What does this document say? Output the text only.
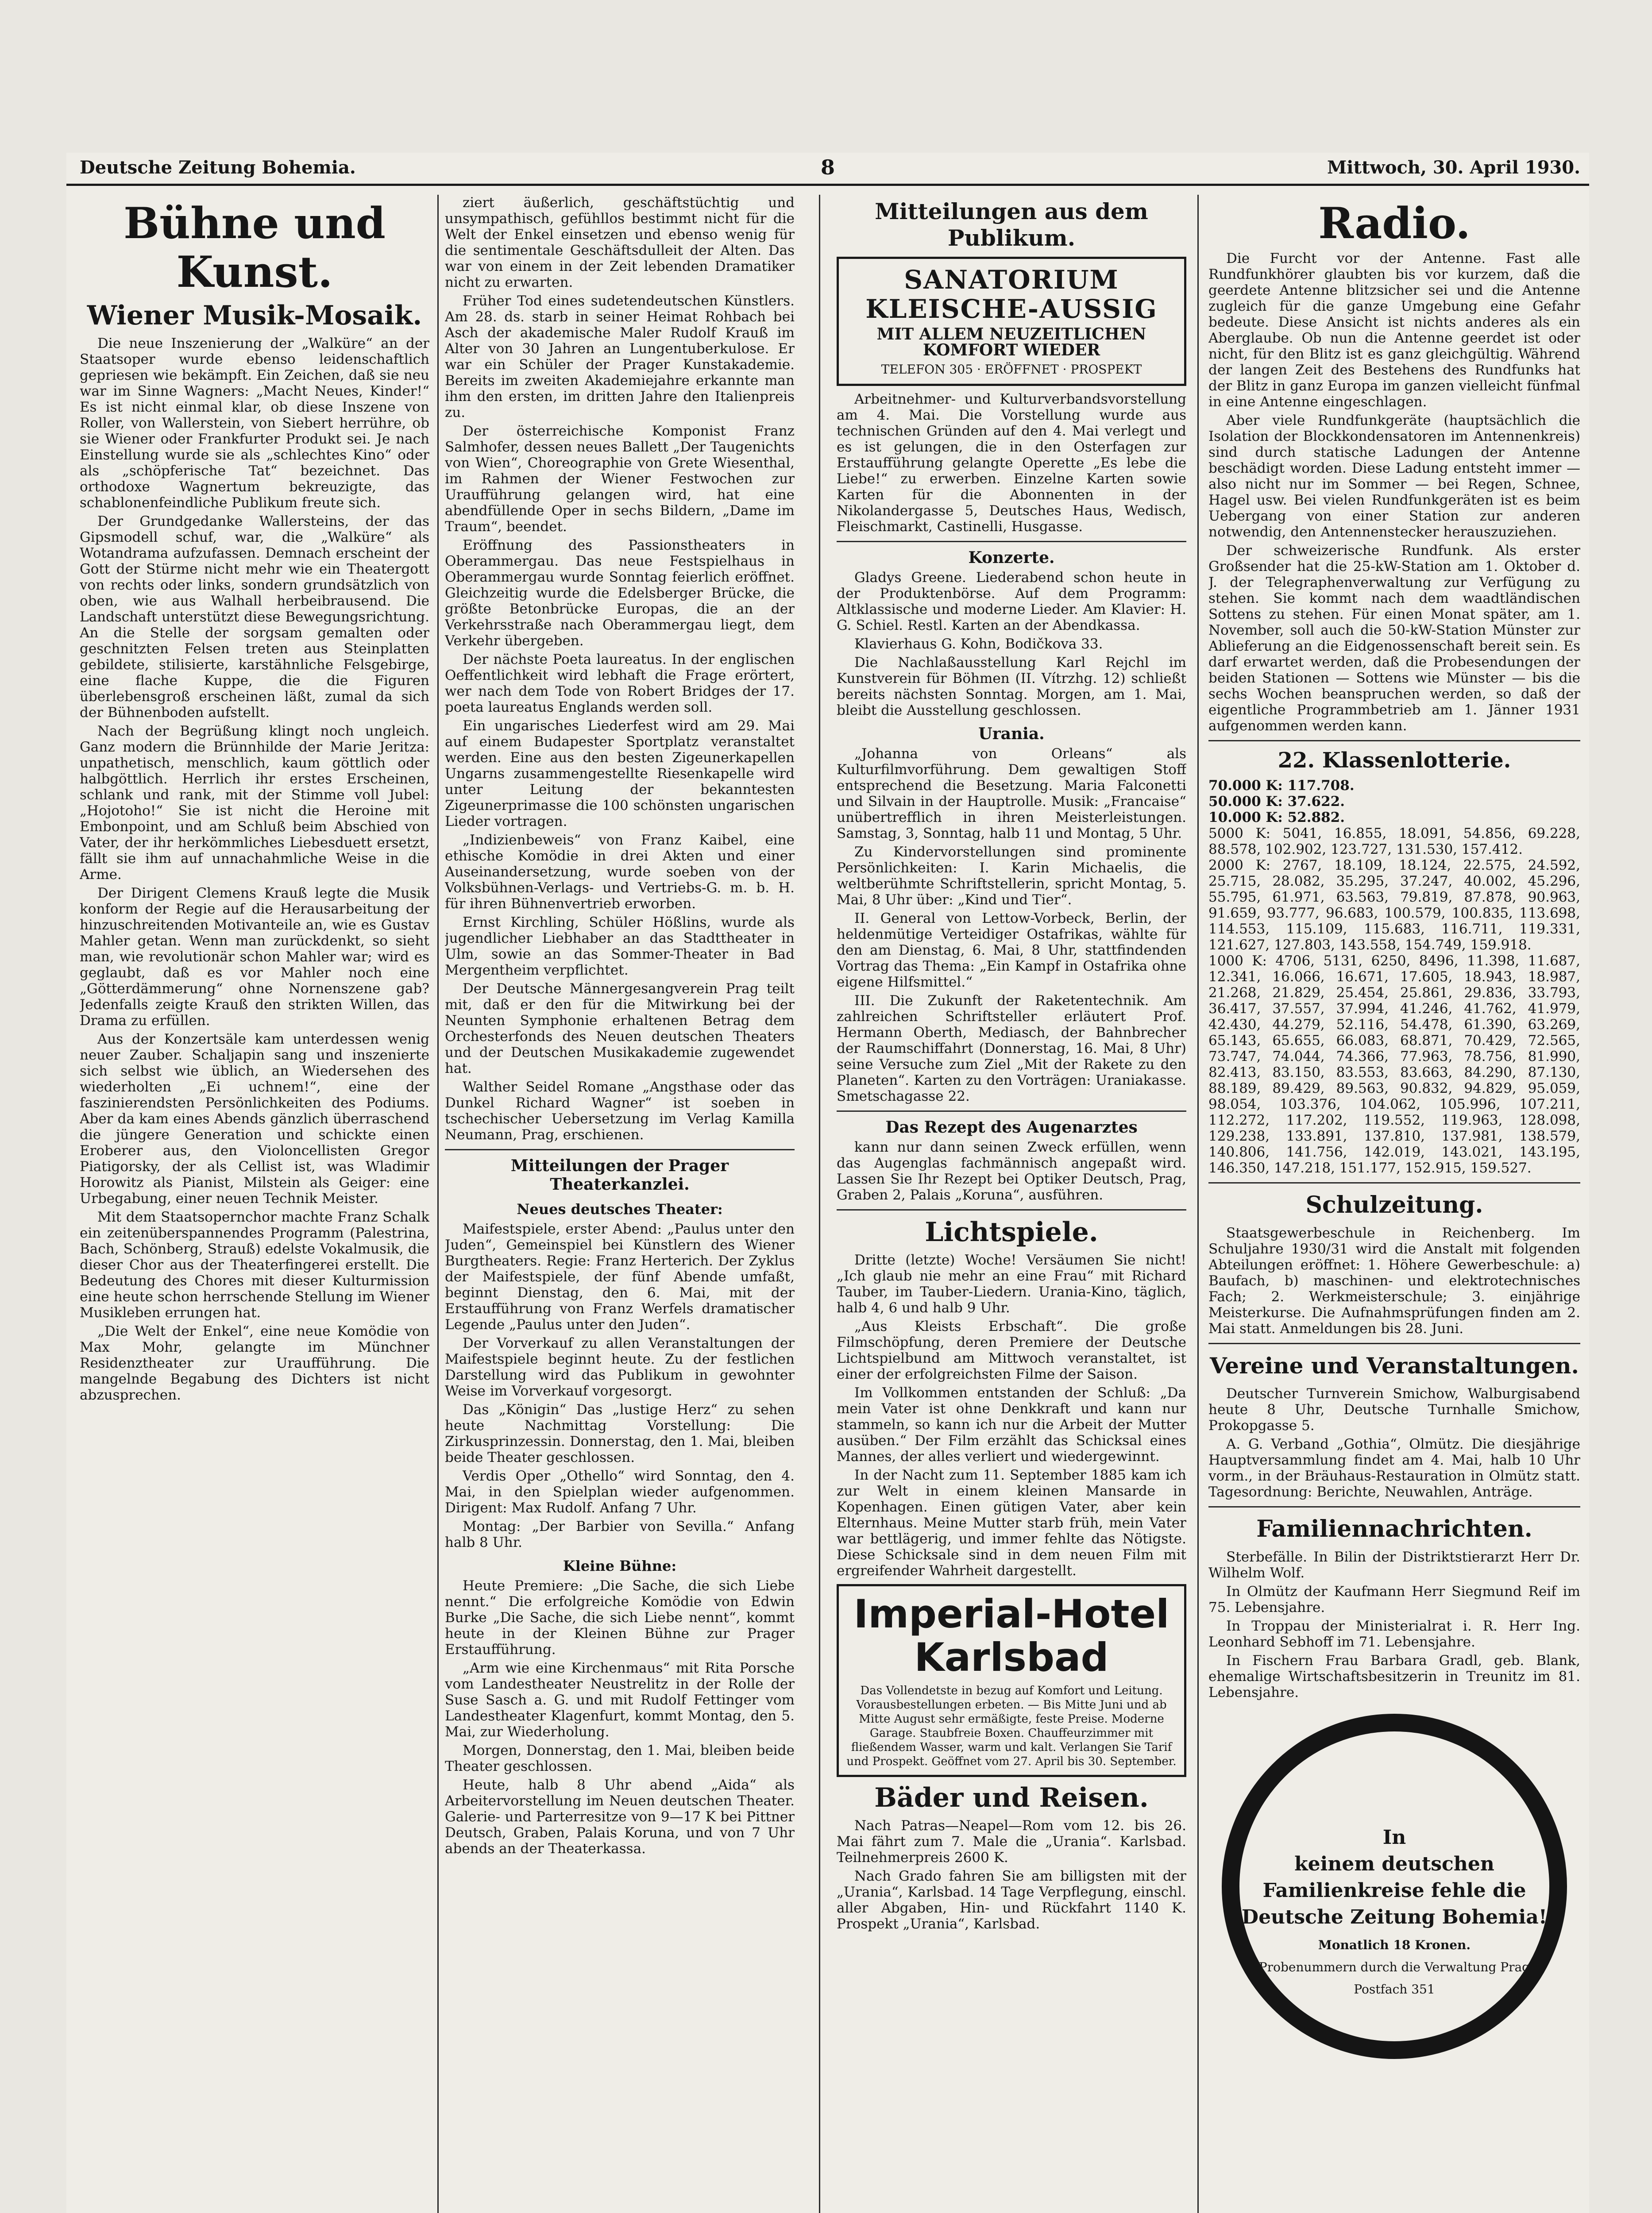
Deutsche Zeitung Bohemia.	8	Mittwoch, 30. April 1930.
Bühne und Kunst.
Wiener Musik-Mosaik.

Die neue Inszenierung der „Walküre“ an der Staatsoper wurde ebenso leidenschaftlich gepriesen wie bekämpft. Ein Zeichen, daß sie neu war im Sinne Wagners: „Macht Neues, Kinder!“ Es ist nicht einmal klar, ob diese Inszene von Roller, von Wallerstein, von Siebert herrühre, ob sie Wiener oder Frankfurter Produkt sei. Je nach Einstellung wurde sie als „schlechtes Kino“ oder als „schöpferische Tat“ bezeichnet. Das orthodoxe Wagnertum bekreuzigte, das schablonenfeindliche Publikum freute sich.

Der Grundgedanke Wallersteins, der das Gipsmodell schuf, war, die „Walküre“ als Wotandrama aufzufassen. Demnach erscheint der Gott der Stürme nicht mehr wie ein Theatergott von rechts oder links, sondern grundsätzlich von oben, wie aus Walhall herbeibrausend. Die Landschaft unterstützt diese Bewegungsrichtung. An die Stelle der sorgsam gemalten oder geschnitzten Felsen treten aus Steinplatten gebildete, stilisierte, karstähnliche Felsgebirge, eine flache Kuppe, die die Figuren überlebensgroß erscheinen läßt, zumal da sich der Bühnenboden aufstellt.

Nach der Begrüßung klingt noch ungleich. Ganz modern die Brünnhilde der Marie Jeritza: unpathetisch, menschlich, kaum göttlich oder halbgöttlich. Herrlich ihr erstes Erscheinen, schlank und rank, mit der Stimme voll Jubel: „Hojotoho!“ Sie ist nicht die Heroine mit Embonpoint, und am Schluß beim Abschied von Vater, der ihr herkömmliches Liebesduett ersetzt, fällt sie ihm auf unnachahmliche Weise in die Arme.

Der Dirigent Clemens Krauß legte die Musik konform der Regie auf die Herausarbeitung der hinzuschreitenden Motivanteile an, wie es Gustav Mahler getan. Wenn man zurückdenkt, so sieht man, wie revolutionär schon Mahler war; wird es geglaubt, daß es vor Mahler noch eine „Götterdämmerung“ ohne Nornenszene gab? Jedenfalls zeigte Krauß den strikten Willen, das Drama zu erfüllen.

Aus der Konzertsäle kam unterdessen wenig neuer Zauber. Schaljapin sang und inszenierte sich selbst wie üblich, an Wiedersehen des wiederholten „Ei uchnem!“, eine der faszinierendsten Persönlichkeiten des Podiums. Aber da kam eines Abends gänzlich überraschend die jüngere Generation und schickte einen Eroberer aus, den Violoncellisten Gregor Piatigorsky, der als Cellist ist, was Wladimir Horowitz als Pianist, Milstein als Geiger: eine Urbegabung, einer neuen Technik Meister.

Mit dem Staatsopernchor machte Franz Schalk ein zeitenüberspannendes Programm (Palestrina, Bach, Schönberg, Strauß) edelste Vokalmusik, die dieser Chor aus der Theaterfingerei erstellt. Die Bedeutung des Chores mit dieser Kulturmission eine heute schon herrschende Stellung im Wiener Musikleben errungen hat.

„Die Welt der Enkel“, eine neue Komödie von Max Mohr, gelangte im Münchner Residenztheater zur Uraufführung. Die mangelnde Begabung des Dichters ist nicht abzusprechen.

ziert äußerlich, geschäftstüchtig und unsympathisch, gefühllos bestimmt nicht für die Welt der Enkel einsetzen und ebenso wenig für die sentimentale Geschäftsdulleit der Alten. Das war von einem in der Zeit lebenden Dramatiker nicht zu erwarten.

Früher Tod eines sudetendeutschen Künstlers. Am 28. ds. starb in seiner Heimat Rohbach bei Asch der akademische Maler Rudolf Krauß im Alter von 30 Jahren an Lungentuberkulose. Er war ein Schüler der Prager Kunstakademie. Bereits im zweiten Akademiejahre erkannte man ihm den ersten, im dritten Jahre den Italienpreis zu.

Der österreichische Komponist Franz Salmhofer, dessen neues Ballett „Der Taugenichts von Wien“, Choreographie von Grete Wiesenthal, im Rahmen der Wiener Festwochen zur Uraufführung gelangen wird, hat eine abendfüllende Oper in sechs Bildern, „Dame im Traum“, beendet.

Eröffnung des Passionstheaters in Oberammergau. Das neue Festspielhaus in Oberammergau wurde Sonntag feierlich eröffnet. Gleichzeitig wurde die Edelsberger Brücke, die größte Betonbrücke Europas, die an der Verkehrsstraße nach Oberammergau liegt, dem Verkehr übergeben.

Der nächste Poeta laureatus. In der englischen Oeffentlichkeit wird lebhaft die Frage erörtert, wer nach dem Tode von Robert Bridges der 17. poeta laureatus Englands werden soll.

Ein ungarisches Liederfest wird am 29. Mai auf einem Budapester Sportplatz veranstaltet werden. Eine aus den besten Zigeunerkapellen Ungarns zusammengestellte Riesenkapelle wird unter Leitung der bekanntesten Zigeunerprimasse die 100 schönsten ungarischen Lieder vortragen.

„Indizienbeweis“ von Franz Kaibel, eine ethische Komödie in drei Akten und einer Auseinandersetzung, wurde soeben von der Volksbühnen-Verlags- und Vertriebs-G. m. b. H. für ihren Bühnenvertrieb erworben.

Ernst Kirchling, Schüler Hößlins, wurde als jugendlicher Liebhaber an das Stadttheater in Ulm, sowie an das Sommer-Theater in Bad Mergentheim verpflichtet.

Der Deutsche Männergesangverein Prag teilt mit, daß er den für die Mitwirkung bei der Neunten Symphonie erhaltenen Betrag dem Orchesterfonds des Neuen deutschen Theaters und der Deutschen Musikakademie zugewendet hat.

Walther Seidel Romane „Angsthase oder das Dunkel Richard Wagner“ ist soeben in tschechischer Uebersetzung im Verlag Kamilla Neumann, Prag, erschienen.

Mitteilungen der Prager Theaterkanzlei.
Neues deutsches Theater:

Maifestspiele, erster Abend: „Paulus unter den Juden“, Gemeinspiel bei Künstlern des Wiener Burgtheaters. Regie: Franz Herterich. Der Zyklus der Maifestspiele, der fünf Abende umfaßt, beginnt Dienstag, den 6. Mai, mit der Erstaufführung von Franz Werfels dramatischer Legende „Paulus unter den Juden“.

Der Vorverkauf zu allen Veranstaltungen der Maifestspiele beginnt heute. Zu der festlichen Darstellung wird das Publikum in gewohnter Weise im Vorverkauf vorgesorgt.

Das „Königin“ Das „lustige Herz“ zu sehen heute Nachmittag Vorstellung: Die Zirkusprinzessin. Donnerstag, den 1. Mai, bleiben beide Theater geschlossen.

Verdis Oper „Othello“ wird Sonntag, den 4. Mai, in den Spielplan wieder aufgenommen. Dirigent: Max Rudolf. Anfang 7 Uhr.

Montag: „Der Barbier von Sevilla.“ Anfang halb 8 Uhr.

Kleine Bühne:

Heute Premiere: „Die Sache, die sich Liebe nennt.“ Die erfolgreiche Komödie von Edwin Burke „Die Sache, die sich Liebe nennt“, kommt heute in der Kleinen Bühne zur Prager Erstaufführung.

„Arm wie eine Kirchenmaus“ mit Rita Porsche vom Landestheater Neustrelitz in der Rolle der Suse Sasch a. G. und mit Rudolf Fettinger vom Landestheater Klagenfurt, kommt Montag, den 5. Mai, zur Wiederholung.

Morgen, Donnerstag, den 1. Mai, bleiben beide Theater geschlossen.

Heute, halb 8 Uhr abend „Aida“ als Arbeitervorstellung im Neuen deutschen Theater. Galerie- und Parterresitze von 9—17 K bei Pittner Deutsch, Graben, Palais Koruna, und von 7 Uhr abends an der Theaterkassa.

Mitteilungen aus dem Publikum.
SANATORIUM KLEISCHE-AUSSIG
MIT ALLEM NEUZEITLICHEN KOMFORT WIEDER
TELEFON 305 · ERÖFFNET · PROSPEKT

Arbeitnehmer- und Kulturverbandsvorstellung am 4. Mai. Die Vorstellung wurde aus technischen Gründen auf den 4. Mai verlegt und es ist gelungen, die in den Osterfagen zur Erstaufführung gelangte Operette „Es lebe die Liebe!“ zu erwerben. Einzelne Karten sowie Karten für die Abonnenten in der Nikolandergasse 5, Deutsches Haus, Wedisch, Fleischmarkt, Castinelli, Husgasse.

Konzerte.

Gladys Greene. Liederabend schon heute in der Produktenbörse. Auf dem Programm: Altklassische und moderne Lieder. Am Klavier: H. G. Schiel. Restl. Karten an der Abendkassa.

Klavierhaus G. Kohn, Bodičkova 33.

Die Nachlaßausstellung Karl Rejchl im Kunstverein für Böhmen (II. Vítrzhg. 12) schließt bereits nächsten Sonntag. Morgen, am 1. Mai, bleibt die Ausstellung geschlossen.

Urania.

„Johanna von Orleans“ als Kulturfilmvorführung. Dem gewaltigen Stoff entsprechend die Besetzung. Maria Falconetti und Silvain in der Hauptrolle. Musik: „Francaise“ unübertrefflich in ihren Meisterleistungen. Samstag, 3, Sonntag, halb 11 und Montag, 5 Uhr.

Zu Kindervorstellungen sind prominente Persönlichkeiten: I. Karin Michaelis, die weltberühmte Schriftstellerin, spricht Montag, 5. Mai, 8 Uhr über: „Kind und Tier“.

II. General von Lettow-Vorbeck, Berlin, der heldenmütige Verteidiger Ostafrikas, wählte für den am Dienstag, 6. Mai, 8 Uhr, stattfindenden Vortrag das Thema: „Ein Kampf in Ostafrika ohne eigene Hilfsmittel.“

III. Die Zukunft der Raketentechnik. Am zahlreichen Schriftsteller erläutert Prof. Hermann Oberth, Mediasch, der Bahnbrecher der Raumschiffahrt (Donnerstag, 16. Mai, 8 Uhr) seine Versuche zum Ziel „Mit der Rakete zu den Planeten“. Karten zu den Vorträgen: Uraniakasse. Smetschagasse 22.

Das Rezept des Augenarztes

kann nur dann seinen Zweck erfüllen, wenn das Augenglas fachmännisch angepaßt wird. Lassen Sie Ihr Rezept bei Optiker Deutsch, Prag, Graben 2, Palais „Koruna“, ausführen.

Lichtspiele.

Dritte (letzte) Woche! Versäumen Sie nicht! „Ich glaub nie mehr an eine Frau“ mit Richard Tauber, im Tauber-Liedern. Urania-Kino, täglich, halb 4, 6 und halb 9 Uhr.

„Aus Kleists Erbschaft“. Die große Filmschöpfung, deren Premiere der Deutsche Lichtspielbund am Mittwoch veranstaltet, ist einer der erfolgreichsten Filme der Saison.

Im Vollkommen entstanden der Schluß: „Da mein Vater ist ohne Denkkraft und kann nur stammeln, so kann ich nur die Arbeit der Mutter ausüben.“ Der Film erzählt das Schicksal eines Mannes, der alles verliert und wiedergewinnt.

In der Nacht zum 11. September 1885 kam ich zur Welt in einem kleinen Mansarde in Kopenhagen. Einen gütigen Vater, aber kein Elternhaus. Meine Mutter starb früh, mein Vater war bettlägerig, und immer fehlte das Nötigste. Diese Schicksale sind in dem neuen Film mit ergreifender Wahrheit dargestellt.

Imperial-Hotel
Karlsbad
Das Vollendetste in bezug auf Komfort und Leitung. Vorausbestellungen erbeten. — Bis Mitte Juni und ab Mitte August sehr ermäßigte, feste Preise. Moderne Garage. Staubfreie Boxen. Chauffeurzimmer mit fließendem Wasser, warm und kalt. Verlangen Sie Tarif und Prospekt. Geöffnet vom 27. April bis 30. September.
Bäder und Reisen.

Nach Patras—Neapel—Rom vom 12. bis 26. Mai fährt zum 7. Male die „Urania“. Karlsbad. Teilnehmerpreis 2600 K.

Nach Grado fahren Sie am billigsten mit der „Urania“, Karlsbad. 14 Tage Verpflegung, einschl. aller Abgaben, Hin- und Rückfahrt 1140 K. Prospekt „Urania“, Karlsbad.

Radio.

Die Furcht vor der Antenne. Fast alle Rundfunkhörer glaubten bis vor kurzem, daß die geerdete Antenne blitzsicher sei und die Antenne zugleich für die ganze Umgebung eine Gefahr bedeute. Diese Ansicht ist nichts anderes als ein Aberglaube. Ob nun die Antenne geerdet ist oder nicht, für den Blitz ist es ganz gleichgültig. Während der langen Zeit des Bestehens des Rundfunks hat der Blitz in ganz Europa im ganzen vielleicht fünfmal in eine Antenne eingeschlagen.

Aber viele Rundfunkgeräte (hauptsächlich die Isolation der Blockkondensatoren im Antennenkreis) sind durch statische Ladungen der Antenne beschädigt worden. Diese Ladung entsteht immer — also nicht nur im Sommer — bei Regen, Schnee, Hagel usw. Bei vielen Rundfunkgeräten ist es beim Uebergang von einer Station zur anderen notwendig, den Antennenstecker herauszuziehen.

Der schweizerische Rundfunk. Als erster Großsender hat die 25-kW-Station am 1. Oktober d. J. der Telegraphenverwaltung zur Verfügung zu stehen. Sie kommt nach dem waadtländischen Sottens zu stehen. Für einen Monat später, am 1. November, soll auch die 50-kW-Station Münster zur Ablieferung an die Eidgenossenschaft bereit sein. Es darf erwartet werden, daß die Probesendungen der beiden Stationen — Sottens wie Münster — bis die sechs Wochen beanspruchen werden, so daß der eigentliche Programmbetrieb am 1. Jänner 1931 aufgenommen werden kann.

22. Klassenlotterie.
70.000 K: 117.708.
50.000 K: 37.622.
10.000 K: 52.882.
5000 K: 5041, 16.855, 18.091, 54.856, 69.228, 88.578, 102.902, 123.727, 131.530, 157.412.
2000 K: 2767, 18.109, 18.124, 22.575, 24.592, 25.715, 28.082, 35.295, 37.247, 40.002, 45.296, 55.795, 61.971, 63.563, 79.819, 87.878, 90.963, 91.659, 93.777, 96.683, 100.579, 100.835, 113.698, 114.553, 115.109, 115.683, 116.711, 119.331, 121.627, 127.803, 143.558, 154.749, 159.918.
1000 K: 4706, 5131, 6250, 8496, 11.398, 11.687, 12.341, 16.066, 16.671, 17.605, 18.943, 18.987, 21.268, 21.829, 25.454, 25.861, 29.836, 33.793, 36.417, 37.557, 37.994, 41.246, 41.762, 41.979, 42.430, 44.279, 52.116, 54.478, 61.390, 63.269, 65.143, 65.655, 66.083, 68.871, 70.429, 72.565, 73.747, 74.044, 74.366, 77.963, 78.756, 81.990, 82.413, 83.150, 83.553, 83.663, 84.290, 87.130, 88.189, 89.429, 89.563, 90.832, 94.829, 95.059, 98.054, 103.376, 104.062, 105.996, 107.211, 112.272, 117.202, 119.552, 119.963, 128.098, 129.238, 133.891, 137.810, 137.981, 138.579, 140.806, 141.756, 142.019, 143.021, 143.195, 146.350, 147.218, 151.177, 152.915, 159.527.
Schulzeitung.

Staatsgewerbeschule in Reichenberg. Im Schuljahre 1930/31 wird die Anstalt mit folgenden Abteilungen eröffnet: 1. Höhere Gewerbeschule: a) Baufach, b) maschinen- und elektrotechnisches Fach; 2. Werkmeisterschule; 3. einjährige Meisterkurse. Die Aufnahmsprüfungen finden am 2. Mai statt. Anmeldungen bis 28. Juni.

Vereine und Veranstaltungen.

Deutscher Turnverein Smichow, Walburgisabend heute 8 Uhr, Deutsche Turnhalle Smichow, Prokopgasse 5.

A. G. Verband „Gothia“, Olmütz. Die diesjährige Hauptversammlung findet am 4. Mai, halb 10 Uhr vorm., in der Bräuhaus-Restauration in Olmütz statt. Tagesordnung: Berichte, Neuwahlen, Anträge.

Familiennachrichten.

Sterbefälle. In Bilin der Distriktstierarzt Herr Dr. Wilhelm Wolf.

In Olmütz der Kaufmann Herr Siegmund Reif im 75. Lebensjahre.

In Troppau der Ministerialrat i. R. Herr Ing. Leonhard Sebhoff im 71. Lebensjahre.

In Fischern Frau Barbara Gradl, geb. Blank, ehemalige Wirtschaftsbesitzerin in Treunitz im 81. Lebensjahre.

In
keinem deutschen
Familienkreise fehle die
Deutsche Zeitung Bohemia!
Monatlich 18 Kronen.
Probenummern durch die Verwaltung Prag
Postfach 351
